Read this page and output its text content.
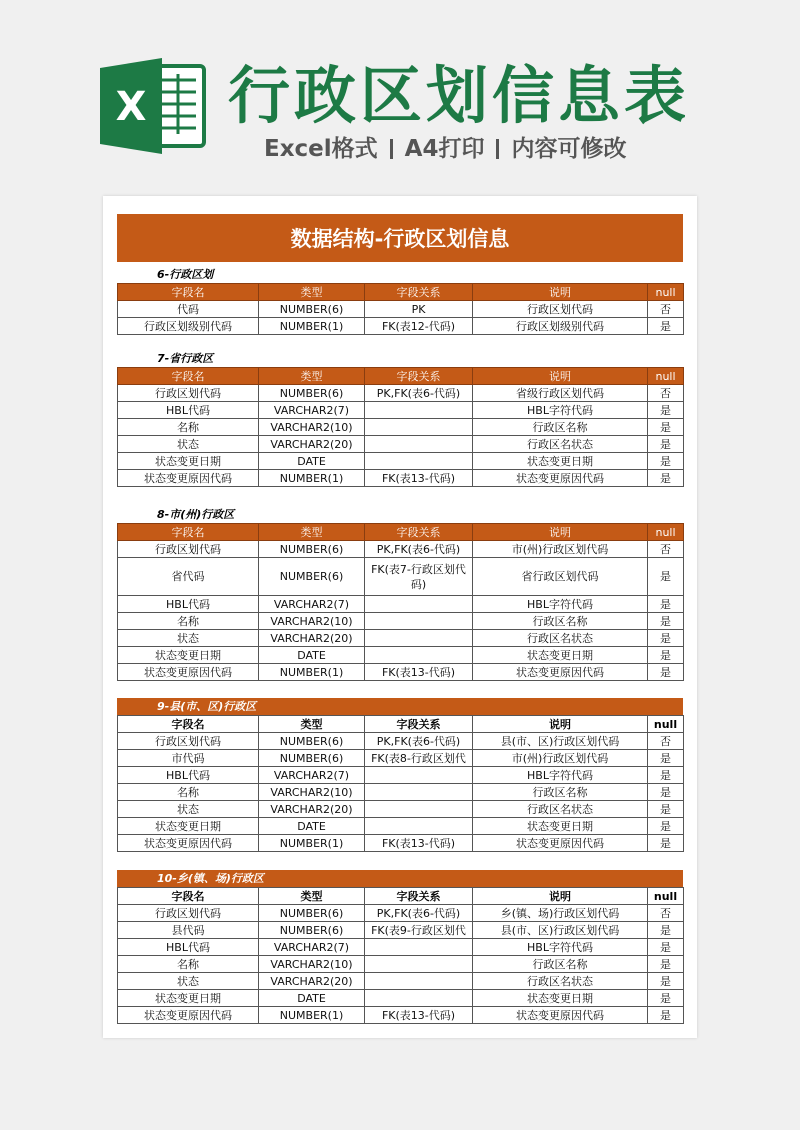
X 行政区划信息表
Excel格式 A4打印 内容可修改
数据结构-行政区划信息
6-行政区划
字段名	类型	字段关系	说明	null
代码	NUMBER(6)	PK	行政区划代码	否
行政区划级别代码	NUMBER(1)	FK(表12-代码)	行政区划级别代码	是
7-省行政区
字段名	类型	字段关系	说明	null
行政区划代码	NUMBER(6)	PK,FK(表6-代码)	省级行政区划代码	否
HBL代码	VARCHAR2(7)		HBL字符代码	是
名称	VARCHAR2(10)		行政区名称	是
状态	VARCHAR2(20)		行政区名状态	是
状态变更日期	DATE		状态变更日期	是
状态变更原因代码	NUMBER(1)	FK(表13-代码)	状态变更原因代码	是
8-市(州)行政区
字段名	类型	字段关系	说明	null
行政区划代码	NUMBER(6)	PK,FK(表6-代码)	市(州)行政区划代码	否
省代码	NUMBER(6)	FK(表7-行政区划代码)	省行政区划代码	是
HBL代码	VARCHAR2(7)		HBL字符代码	是
名称	VARCHAR2(10)		行政区名称	是
状态	VARCHAR2(20)		行政区名状态	是
状态变更日期	DATE		状态变更日期	是
状态变更原因代码	NUMBER(1)	FK(表13-代码)	状态变更原因代码	是
9-县(市、区)行政区
字段名	类型	字段关系	说明	null
行政区划代码	NUMBER(6)	PK,FK(表6-代码)	县(市、区)行政区划代码	否
市代码	NUMBER(6)	FK(表8-行政区划代	市(州)行政区划代码	是
HBL代码	VARCHAR2(7)		HBL字符代码	是
名称	VARCHAR2(10)		行政区名称	是
状态	VARCHAR2(20)		行政区名状态	是
状态变更日期	DATE		状态变更日期	是
状态变更原因代码	NUMBER(1)	FK(表13-代码)	状态变更原因代码	是
10-乡(镇、场)行政区
字段名	类型	字段关系	说明	null
行政区划代码	NUMBER(6)	PK,FK(表6-代码)	乡(镇、场)行政区划代码	否
县代码	NUMBER(6)	FK(表9-行政区划代	县(市、区)行政区划代码	是
HBL代码	VARCHAR2(7)		HBL字符代码	是
名称	VARCHAR2(10)		行政区名称	是
状态	VARCHAR2(20)		行政区名状态	是
状态变更日期	DATE		状态变更日期	是
状态变更原因代码	NUMBER(1)	FK(表13-代码)	状态变更原因代码	是
